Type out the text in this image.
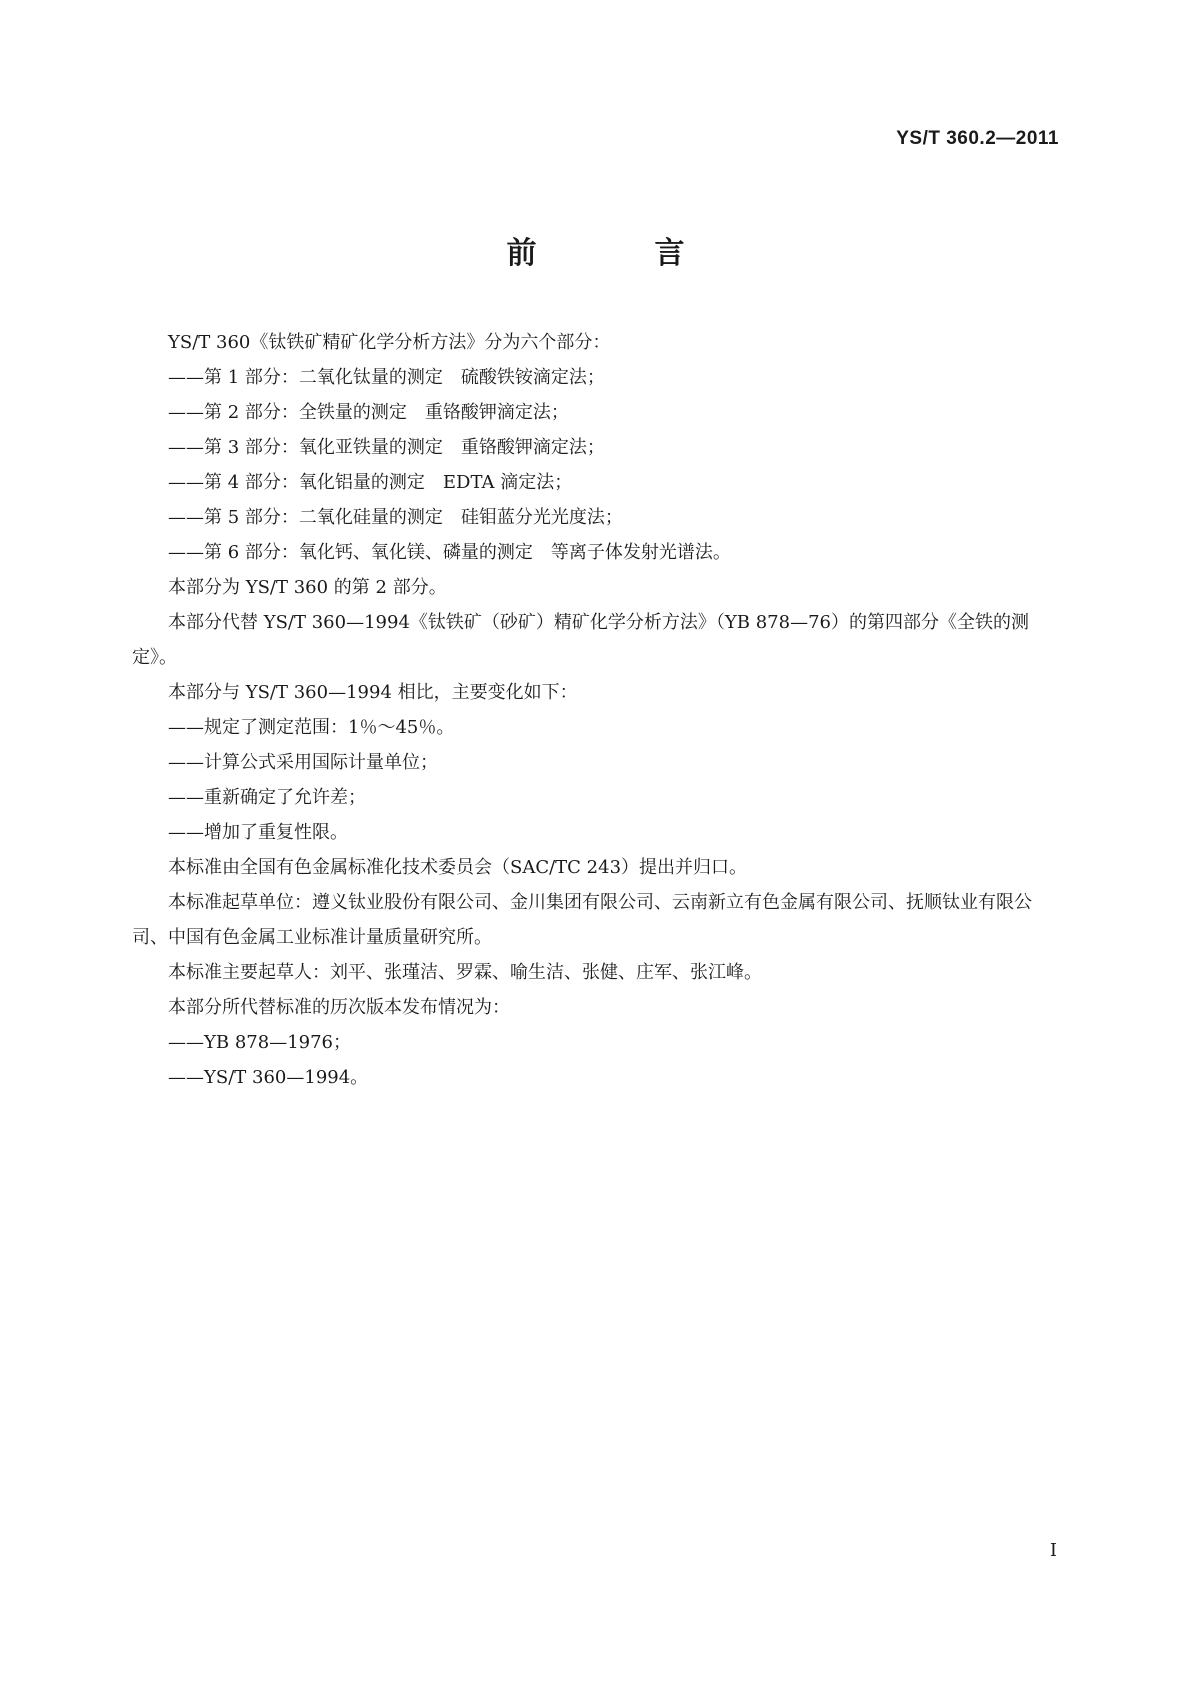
YS/T 360.2—2011
前　言

YS/T 360《钛铁矿精矿化学分析方法》分为六个部分：

——第 1 部分：二氧化钛量的测定　硫酸铁铵滴定法；

——第 2 部分：全铁量的测定　重铬酸钾滴定法；

——第 3 部分：氧化亚铁量的测定　重铬酸钾滴定法；

——第 4 部分：氧化铝量的测定　EDTA 滴定法；

——第 5 部分：二氧化硅量的测定　硅钼蓝分光光度法；

——第 6 部分：氧化钙、氧化镁、磷量的测定　等离子体发射光谱法。

本部分为 YS/T 360 的第 2 部分。

本部分代替 YS/T 360—1994《钛铁矿（砂矿）精矿化学分析方法》（YB 878—76）的第四部分《全铁的测定》。

本部分与 YS/T 360—1994 相比，主要变化如下：

——规定了测定范围：1％～45％。

——计算公式采用国际计量单位；

——重新确定了允许差；

——增加了重复性限。

本标准由全国有色金属标准化技术委员会（SAC/TC 243）提出并归口。

本标准起草单位：遵义钛业股份有限公司、金川集团有限公司、云南新立有色金属有限公司、抚顺钛业有限公司、中国有色金属工业标准计量质量研究所。

本标准主要起草人：刘平、张瑾洁、罗霖、喻生洁、张健、庄军、张江峰。

本部分所代替标准的历次版本发布情况为：

——YB 878—1976；

——YS/T 360—1994。

I
